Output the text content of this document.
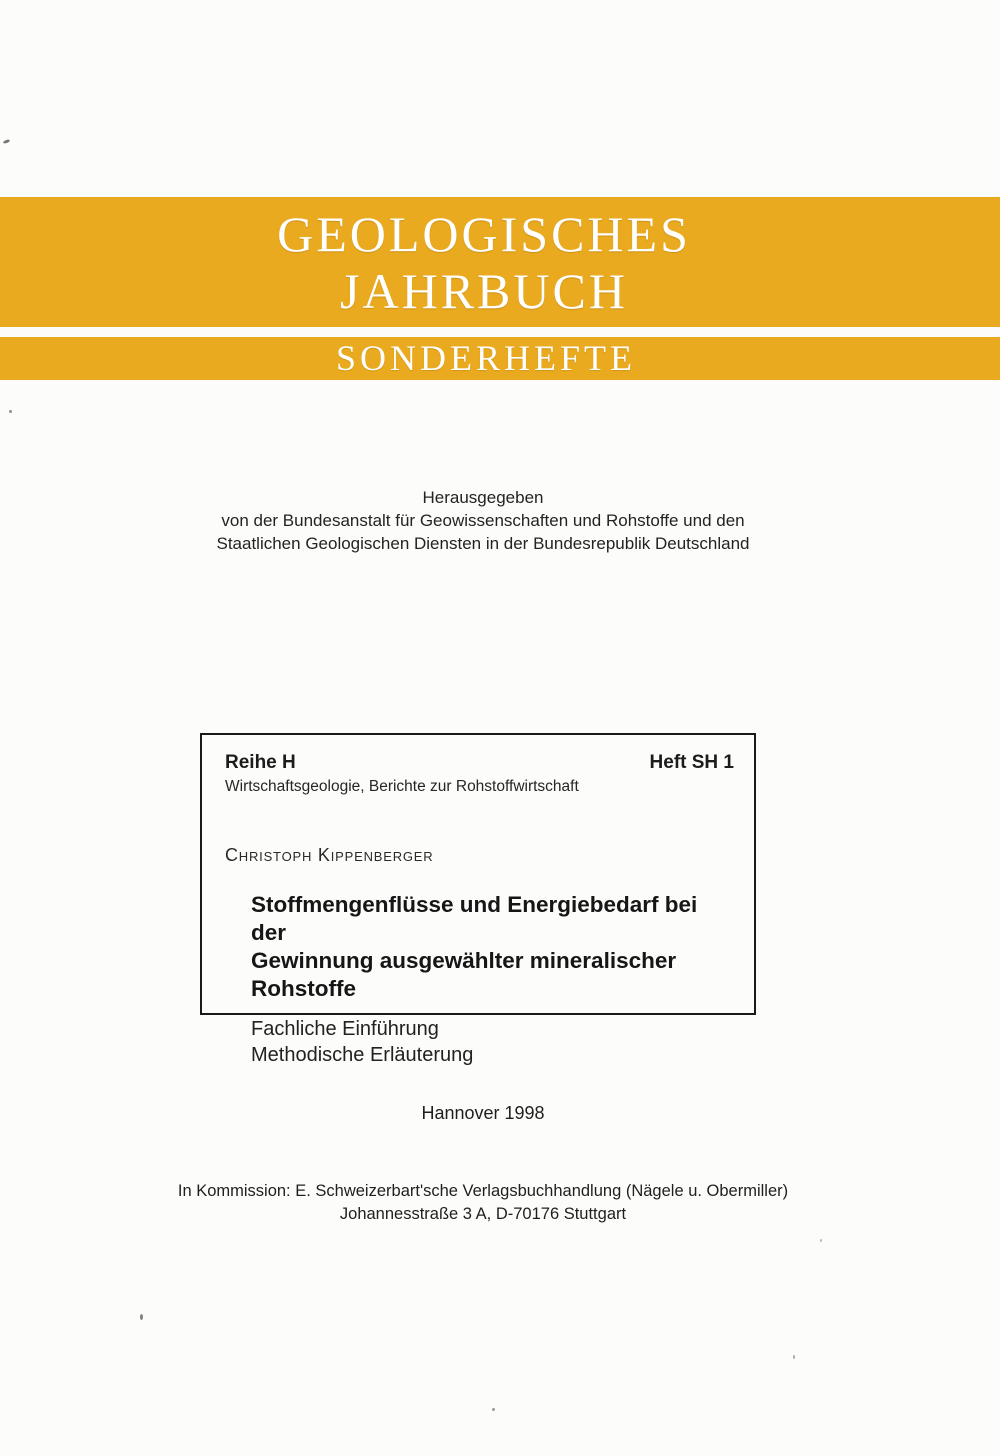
GEOLOGISCHES
JAHRBUCH
SONDERHEFTE
Herausgegeben
von der Bundesanstalt für Geowissenschaften und Rohstoffe und den
Staatlichen Geologischen Diensten in der Bundesrepublik Deutschland
Reihe H	Heft SH 1
Wirtschaftsgeologie, Berichte zur Rohstoffwirtschaft
Christoph Kippenberger
Stoffmengenflüsse und Energiebedarf bei der
Gewinnung ausgewählter mineralischer Rohstoffe
Fachliche Einführung
Methodische Erläuterung
Hannover 1998
In Kommission: E. Schweizerbart'sche Verlagsbuchhandlung (Nägele u. Obermiller)
Johannesstraße 3 A, D-70176 Stuttgart
